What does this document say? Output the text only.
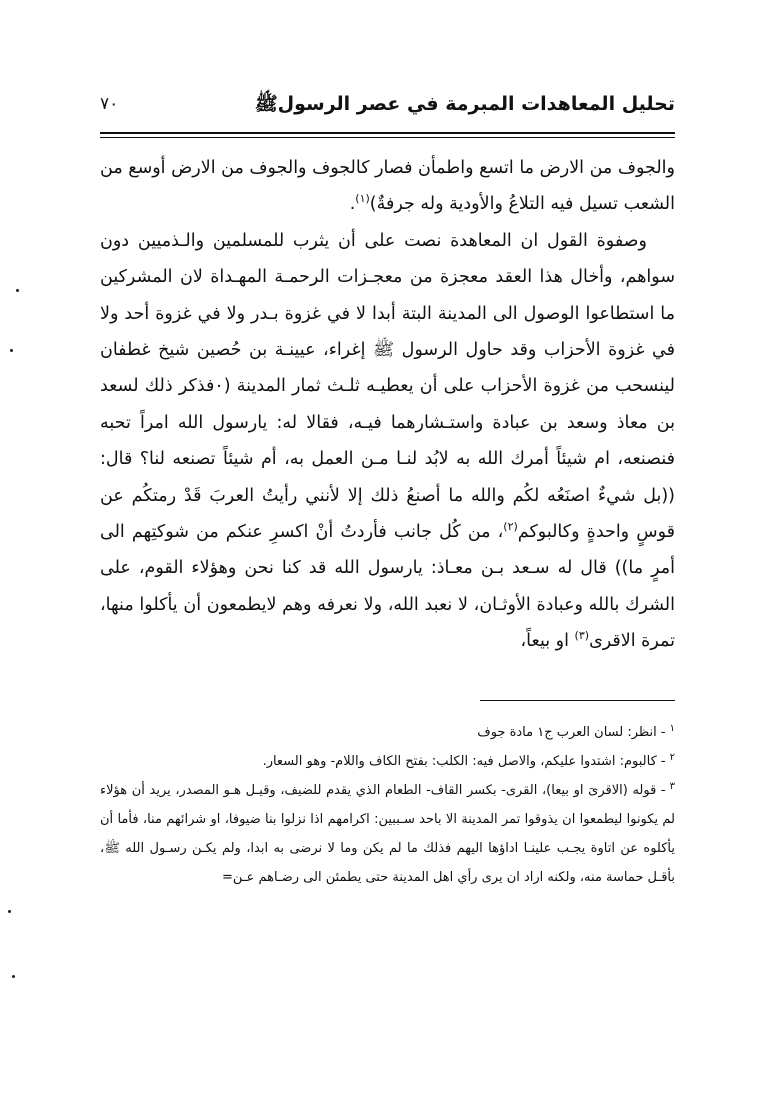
تحليل المعاهدات المبرمة في عصر الرسولﷺ
٧٠

والجوف من الارض ما اتسع واطمأن فصار كالجوف والجوف من الارض أوسع من الشعب تسيل فيه التلاعُ والأودية وله جرفةٌ)$^{(١)}$.

وصفوة القول ان المعاهدة نصت على أن يثرب للمسلمين والـذميين دون سواهم، وأخال هذا العقد معجزة من معجـزات الرحمـة المهـداة لان المشركين ما استطاعوا الوصول الى المدينة البتة أبدا لا في غزوة بـدر ولا في غزوة أحد ولا في غزوة الأحزاب وقد حاول الرسول ﷺ إغراء، عيينـة بن حُصين شيخ غطفان لينسحب من غزوة الأحزاب على أن يعطيـه ثلـث ثمار المدينة (٠فذكر ذلك لسعد بن معاذ وسعد بن عبادة واستـشارهما فيـه، فقالا له: يارسول الله امراً تحبه فنصنعه، ام شيئاً أمرك الله به لابُد لنـا مـن العمل به، أم شيئاً تصنعه لنا؟ قال: ((بل شيءٌ اصنَعُه لكُم والله ما أصنعُ ذلك إلا لأنني رأيتُ العربَ قَدْ رمتكُم عن قوسٍ واحدةٍ وكالبوكم$^{(٢)}$، من كُل جانب فأردتُ أنْ اكسرِ عنكم من شوكتِهم الى أمرٍ ما)) قال له سـعد بـن معـاذ: يارسول الله قد كنا نحن وهؤلاء القوم، على الشرك بالله وعبادة الأوثـان، لا نعبد الله، ولا نعرفه وهم لايطمعون أن يأكلوا منها، تمرة الاقرى$^{(٣)}$ او بيعاً،

$^١$- انظر: لسان العرب ج١ مادة جوف

$^٢$- كالبوم: اشتدوا عليكم، والاصل فيه: الكلب: بفتح الكاف واللام- وهو السعار.

$^٣$- قوله (الاقرىَ او بيعا)، القرى- بكسر القاف- الطعام الذي يقدم للضيف، وقيـل هـو المصدر، يريد أن هؤلاء لم يكونوا ليطمعوا ان يذوقوا تمر المدينة الا باحد سـببين: اكرامهم اذا نزلوا بنا ضيوفا، او شرائهم منا، فأما أن يأكلوه عن اتاوة يجـب علينـا اداؤها اليهم فذلك ما لم يكن وما لا نرضى به ابدا، ولم يكـن رسـول الله ﷺ، بأقـل حماسة منه، ولكنه اراد ان يرى رأي اهل المدينة حتى يطمئن الى رضـاهم عـن=
